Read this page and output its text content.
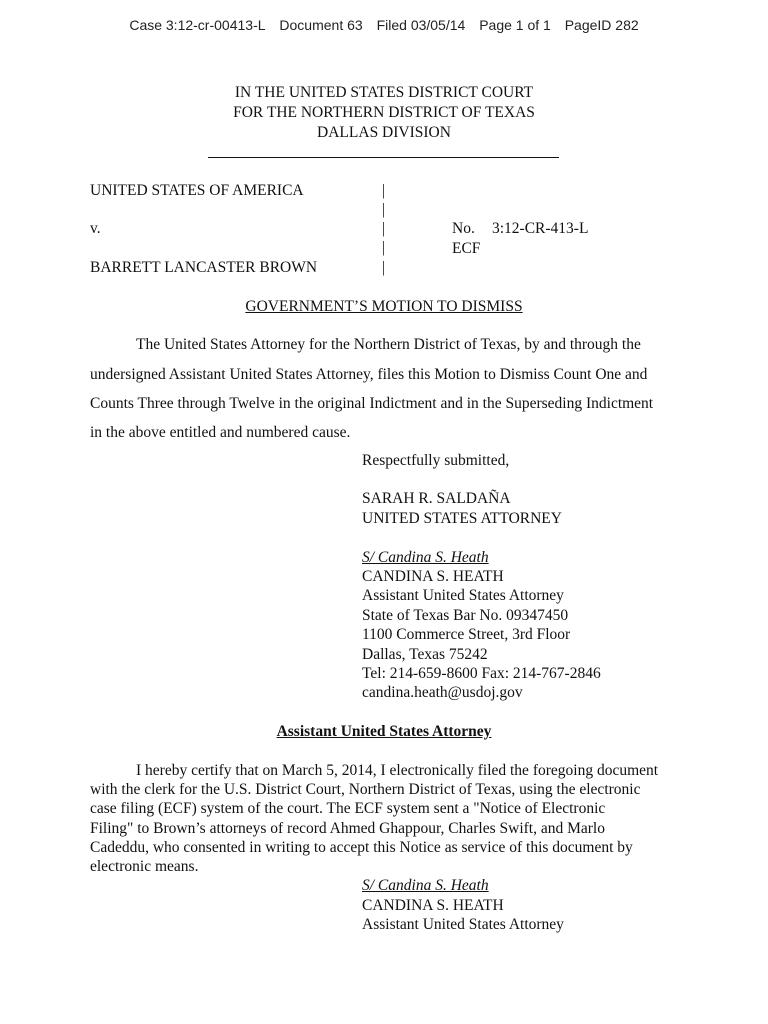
Case 3:12-cr-00413-L Document 63 Filed 03/05/14 Page 1 of 1 PageID 282
IN THE UNITED STATES DISTRICT COURT
FOR THE NORTHERN DISTRICT OF TEXAS
DALLAS DIVISION
UNITED STATES OF AMERICA
v.
BARRETT LANCASTER BROWN
|
|
|
|
|
No. 3:12-CR-413-L
ECF
GOVERNMENT’S MOTION TO DISMISS
The United States Attorney for the Northern District of Texas, by and through the
undersigned Assistant United States Attorney, files this Motion to Dismiss Count One and
Counts Three through Twelve in the original Indictment and in the Superseding Indictment
in the above entitled and numbered cause.
Respectfully submitted,
SARAH R. SALDAÑA
UNITED STATES ATTORNEY
S/ Candina S. Heath
CANDINA S. HEATH
Assistant United States Attorney
State of Texas Bar No. 09347450
1100 Commerce Street, 3rd Floor
Dallas, Texas 75242
Tel: 214-659-8600 Fax: 214-767-2846
candina.heath@usdoj.gov
Assistant United States Attorney
I hereby certify that on March 5, 2014, I electronically filed the foregoing document
with the clerk for the U.S. District Court, Northern District of Texas, using the electronic
case filing (ECF) system of the court. The ECF system sent a "Notice of Electronic
Filing" to Brown’s attorneys of record Ahmed Ghappour, Charles Swift, and Marlo
Cadeddu, who consented in writing to accept this Notice as service of this document by
electronic means.
S/ Candina S. Heath
CANDINA S. HEATH
Assistant United States Attorney
